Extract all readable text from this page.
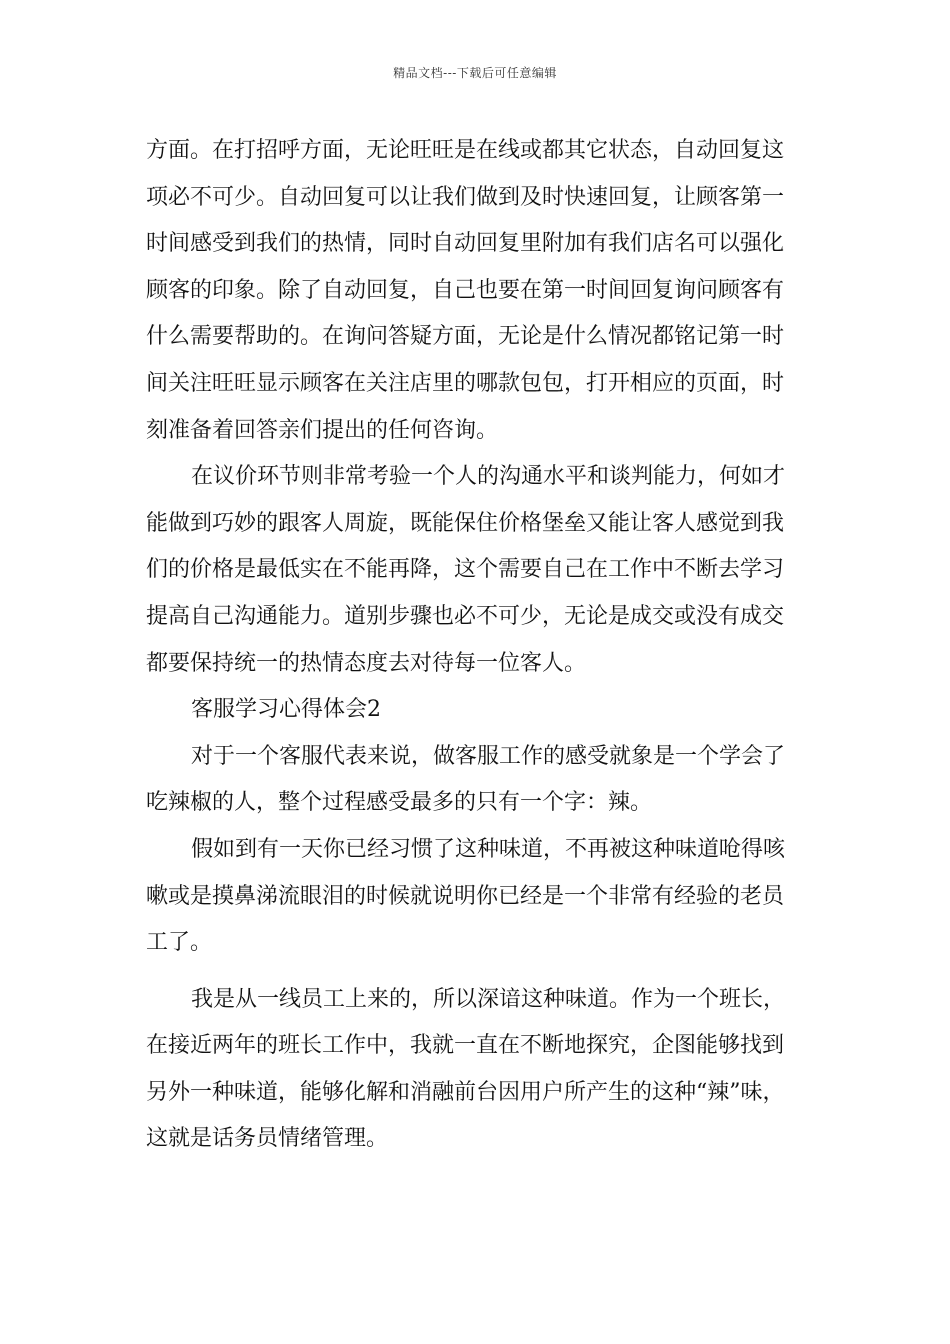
精品文档---下载后可任意编辑
方面。在打招呼方面，无论旺旺是在线或都其它状态，自动回复这
项必不可少。自动回复可以让我们做到及时快速回复，让顾客第一
时间感受到我们的热情，同时自动回复里附加有我们店名可以强化
顾客的印象。除了自动回复，自己也要在第一时间回复询问顾客有
什么需要帮助的。在询问答疑方面，无论是什么情况都铭记第一时
间关注旺旺显示顾客在关注店里的哪款包包，打开相应的页面，时
刻准备着回答亲们提出的任何咨询。
在议价环节则非常考验一个人的沟通水平和谈判能力，何如才
能做到巧妙的跟客人周旋，既能保住价格堡垒又能让客人感觉到我
们的价格是最低实在不能再降，这个需要自己在工作中不断去学习
提高自己沟通能力。道别步骤也必不可少，无论是成交或没有成交
都要保持统一的热情态度去对待每一位客人。
客服学习心得体会2
对于一个客服代表来说，做客服工作的感受就象是一个学会了
吃辣椒的人，整个过程感受最多的只有一个字：辣。
假如到有一天你已经习惯了这种味道，不再被这种味道呛得咳
嗽或是摸鼻涕流眼泪的时候就说明你已经是一个非常有经验的老员
工了。
我是从一线员工上来的，所以深谙这种味道。作为一个班长，
在接近两年的班长工作中，我就一直在不断地探究，企图能够找到
另外一种味道，能够化解和消融前台因用户所产生的这种“辣”味，
这就是话务员情绪管理。
